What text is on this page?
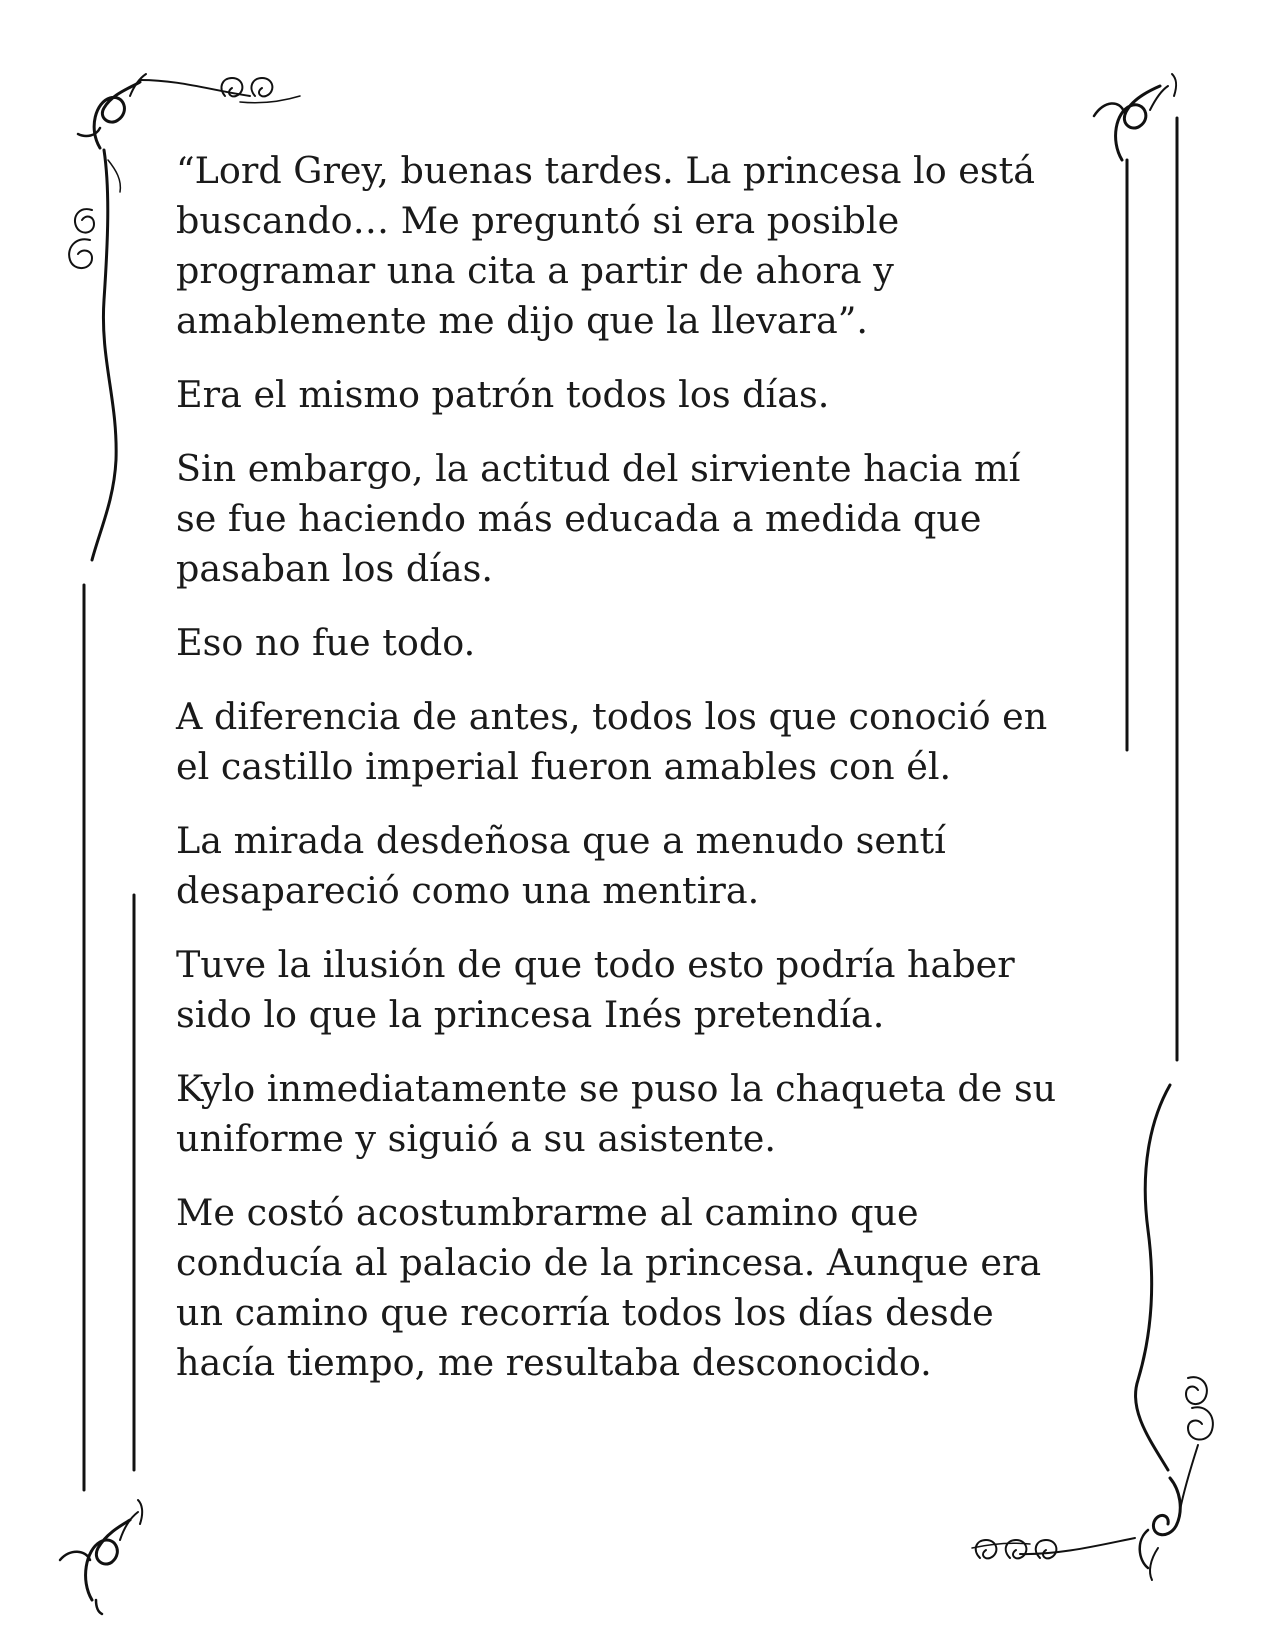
“Lord Grey, buenas tardes. La princesa lo está
buscando… Me preguntó si era posible
programar una cita a partir de ahora y
amablemente me dijo que la llevara”.

Era el mismo patrón todos los días.

Sin embargo, la actitud del sirviente hacia mí
se fue haciendo más educada a medida que
pasaban los días.

Eso no fue todo.

A diferencia de antes, todos los que conoció en
el castillo imperial fueron amables con él.

La mirada desdeñosa que a menudo sentí
desapareció como una mentira.

Tuve la ilusión de que todo esto podría haber
sido lo que la princesa Inés pretendía.

Kylo inmediatamente se puso la chaqueta de su
uniforme y siguió a su asistente.

Me costó acostumbrarme al camino que
conducía al palacio de la princesa. Aunque era
un camino que recorría todos los días desde
hacía tiempo, me resultaba desconocido.
